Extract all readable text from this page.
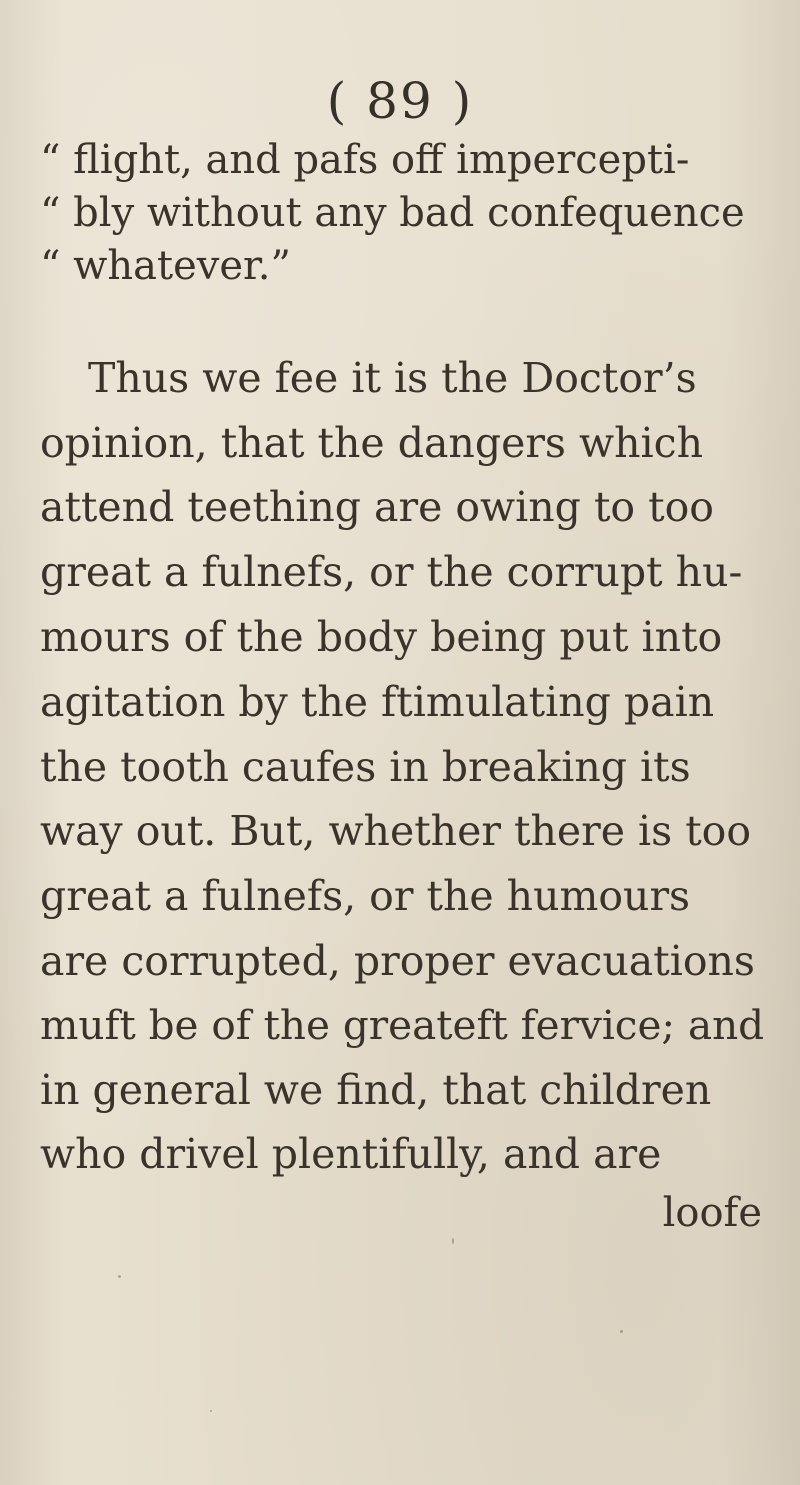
( 89 )
“ flight, and pafs off impercepti-
“ bly without any bad confequence
“ whatever.”
Thus we fee it is the Doctor’s
opinion, that the dangers which
attend teething are owing to too
great a fulnefs, or the corrupt hu-
mours of the body being put into
agitation by the ftimulating pain
the tooth caufes in breaking its
way out. But, whether there is too
great a fulnefs, or the humours
are corrupted, proper evacuations
muft be of the greateft fervice; and
in general we find, that children
who drivel plentifully, and are
loofe
